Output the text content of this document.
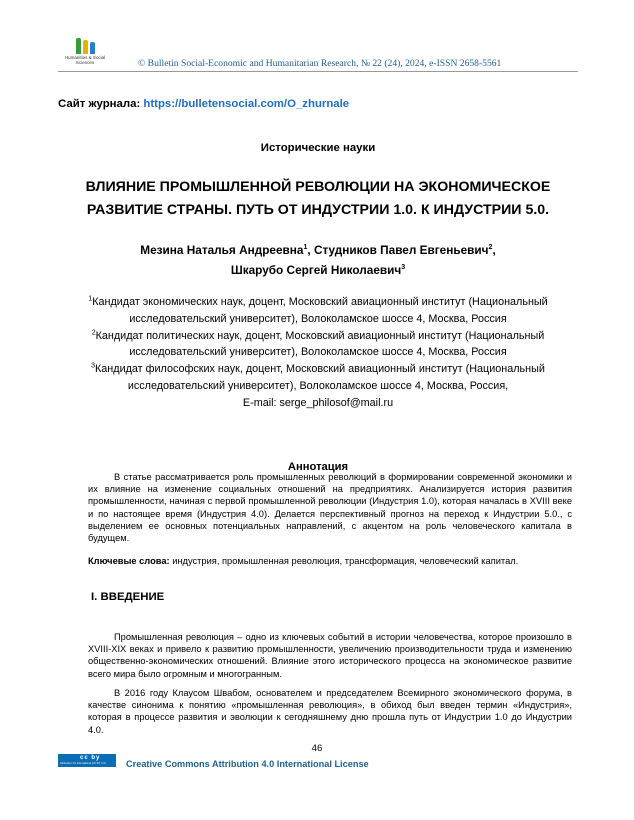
Humanities & Social Sciences	© Bulletin Social-Economic and Humanitarian Research, № 22 (24), 2024, e-ISSN 2658-5561
Сайт журнала: https://bulletensocial.com/O_zhurnale
Исторические науки
ВЛИЯНИЕ ПРОМЫШЛЕННОЙ РЕВОЛЮЦИИ НА ЭКОНОМИЧЕСКОЕ
РАЗВИТИЕ СТРАНЫ. ПУТЬ ОТ ИНДУСТРИИ 1.0. К ИНДУСТРИИ 5.0.
Мезина Наталья Андреевна$^1$, Студников Павел Евгеньевич$^2$,
Шкарубо Сергей Николаевич$^3$
$^1$Кандидат экономических наук, доцент, Московский авиационный институт (Национальный
исследовательский университет), Волоколамское шоссе 4, Москва, Россия
$^2$Кандидат политических наук, доцент, Московский авиационный институт (Национальный
исследовательский университет), Волоколамское шоссе 4, Москва, Россия
$^3$Кандидат философских наук, доцент, Московский авиационный институт (Национальный
исследовательский университет), Волоколамское шоссе 4, Москва, Россия,
E-mail: serge_philosof@mail.ru
Аннотация
В статье рассматривается роль промышленных революций в формировании современной экономики и их влияние на изменение социальных отношений на предприятиях. Анализируется история развития промышленности, начиная с первой промышленной революции (Индустрия 1.0), которая началась в XVIII веке и по настоящее время (Индустрия 4.0). Делается перспективный прогноз на переход к Индустрии 5.0., с выделением ее основных потенциальных направлений, с акцентом на роль человеческого капитала в будущем.
Ключевые слова: индустрия, промышленная революция, трансформация, человеческий капитал.
I. ВВЕДЕНИЕ
Промышленная революция – одно из ключевых событий в истории человечества, которое произошло в XVIII-XIX веках и привело к развитию промышленности, увеличению производительности труда и изменению общественно-экономических отношений. Влияние этого исторического процесса на экономическое развитие всего мира было огромным и многогранным.
В 2016 году Клаусом Швабом, основателем и председателем Всемирного экономического форума, в качестве синонима к понятию «промышленная революция», в обиход был введен термин «Индустрия», которая в процессе развития и эволюции к сегодняшнему дню прошла путь от Индустрии 1.0 до Индустрии 4.0.
46
cc by
Attribution 4.0 International (CC BY 4.0) Creative Commons Attribution 4.0 International License
